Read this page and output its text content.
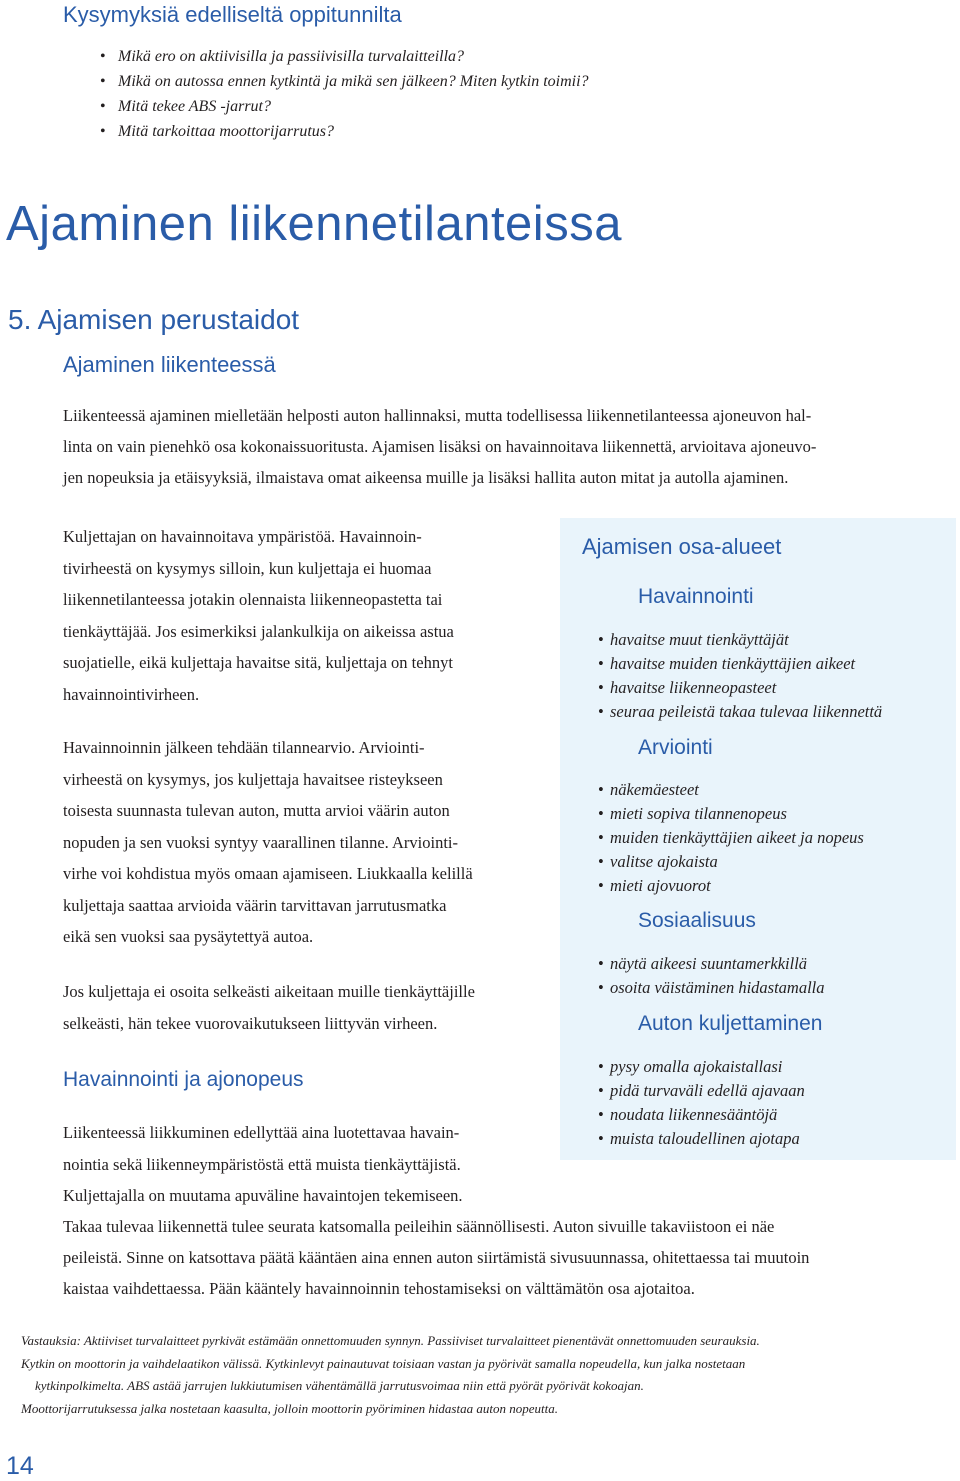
Kysymyksiä edelliseltä oppitunnilta
• Mikä ero on aktiivisilla ja passiivisilla turvalaitteilla?
• Mikä on autossa ennen kytkintä ja mikä sen jälkeen? Miten kytkin toimii?
• Mitä tekee ABS -jarrut?
• Mitä tarkoittaa moottorijarrutus?
Ajaminen liikennetilanteissa
5. Ajamisen perustaidot
Ajaminen liikenteessä
Liikenteessä ajaminen mielletään helposti auton hallinnaksi, mutta todellisessa liikennetilanteessa ajoneuvon hal-
linta on vain pienehkö osa kokonaissuoritusta. Ajamisen lisäksi on havainnoitava liikennettä, arvioitava ajoneuvo-
jen nopeuksia ja etäisyyksiä, ilmaistava omat aikeensa muille ja lisäksi hallita auton mitat ja autolla ajaminen.
Kuljettajan on havainnoitava ympäristöä. Havainnoin-
tivirheestä on kysymys silloin, kun kuljettaja ei huomaa
liikennetilanteessa jotakin olennaista liikenneopastetta tai
tienkäyttäjää. Jos esimerkiksi jalankulkija on aikeissa astua
suojatielle, eikä kuljettaja havaitse sitä, kuljettaja on tehnyt
havainnointivirheen.
Havainnoinnin jälkeen tehdään tilannearvio. Arviointi-
virheestä on kysymys, jos kuljettaja havaitsee risteykseen
toisesta suunnasta tulevan auton, mutta arvioi väärin auton
nopuden ja sen vuoksi syntyy vaarallinen tilanne. Arviointi-
virhe voi kohdistua myös omaan ajamiseen. Liukkaalla kelillä
kuljettaja saattaa arvioida väärin tarvittavan jarrutusmatka
eikä sen vuoksi saa pysäytettyä autoa.
Jos kuljettaja ei osoita selkeästi aikeitaan muille tienkäyttäjille
selkeästi, hän tekee vuorovaikutukseen liittyvän virheen.
Havainnointi ja ajonopeus
Liikenteessä liikkuminen edellyttää aina luotettavaa havain-
nointia sekä liikenneympäristöstä että muista tienkäyttäjistä.
Kuljettajalla on muutama apuväline havaintojen tekemiseen.
Takaa tulevaa liikennettä tulee seurata katsomalla peileihin säännöllisesti. Auton sivuille takaviistoon ei näe
peileistä. Sinne on katsottava päätä kääntäen aina ennen auton siirtämistä sivusuunnassa, ohitettaessa tai muutoin
kaistaa vaihdettaessa. Pään kääntely havainnoinnin tehostamiseksi on välttämätön osa ajotaitoa.
Ajamisen osa-alueet
Havainnointi
• havaitse muut tienkäyttäjät
• havaitse muiden tienkäyttäjien aikeet
• havaitse liikenneopasteet
• seuraa peileistä takaa tulevaa liikennettä
Arviointi
• näkemäesteet
• mieti sopiva tilannenopeus
• muiden tienkäyttäjien aikeet ja nopeus
• valitse ajokaista
• mieti ajovuorot
Sosiaalisuus
• näytä aikeesi suuntamerkkillä
• osoita väistäminen hidastamalla
Auton kuljettaminen
• pysy omalla ajokaistallasi
• pidä turvaväli edellä ajavaan
• noudata liikennesääntöjä
• muista taloudellinen ajotapa
Vastauksia: Aktiiviset turvalaitteet pyrkivät estämään onnettomuuden synnyn. Passiiviset turvalaitteet pienentävät onnettomuuden seurauksia.
Kytkin on moottorin ja vaihdelaatikon välissä. Kytkinlevyt painautuvat toisiaan vastan ja pyörivät samalla nopeudella, kun jalka nostetaan
kytkinpolkimelta. ABS astää jarrujen lukkiutumisen vähentämällä jarrutusvoimaa niin että pyörät pyörivät kokoajan.
Moottorijarrutuksessa jalka nostetaan kaasulta, jolloin moottorin pyöriminen hidastaa auton nopeutta.
14
